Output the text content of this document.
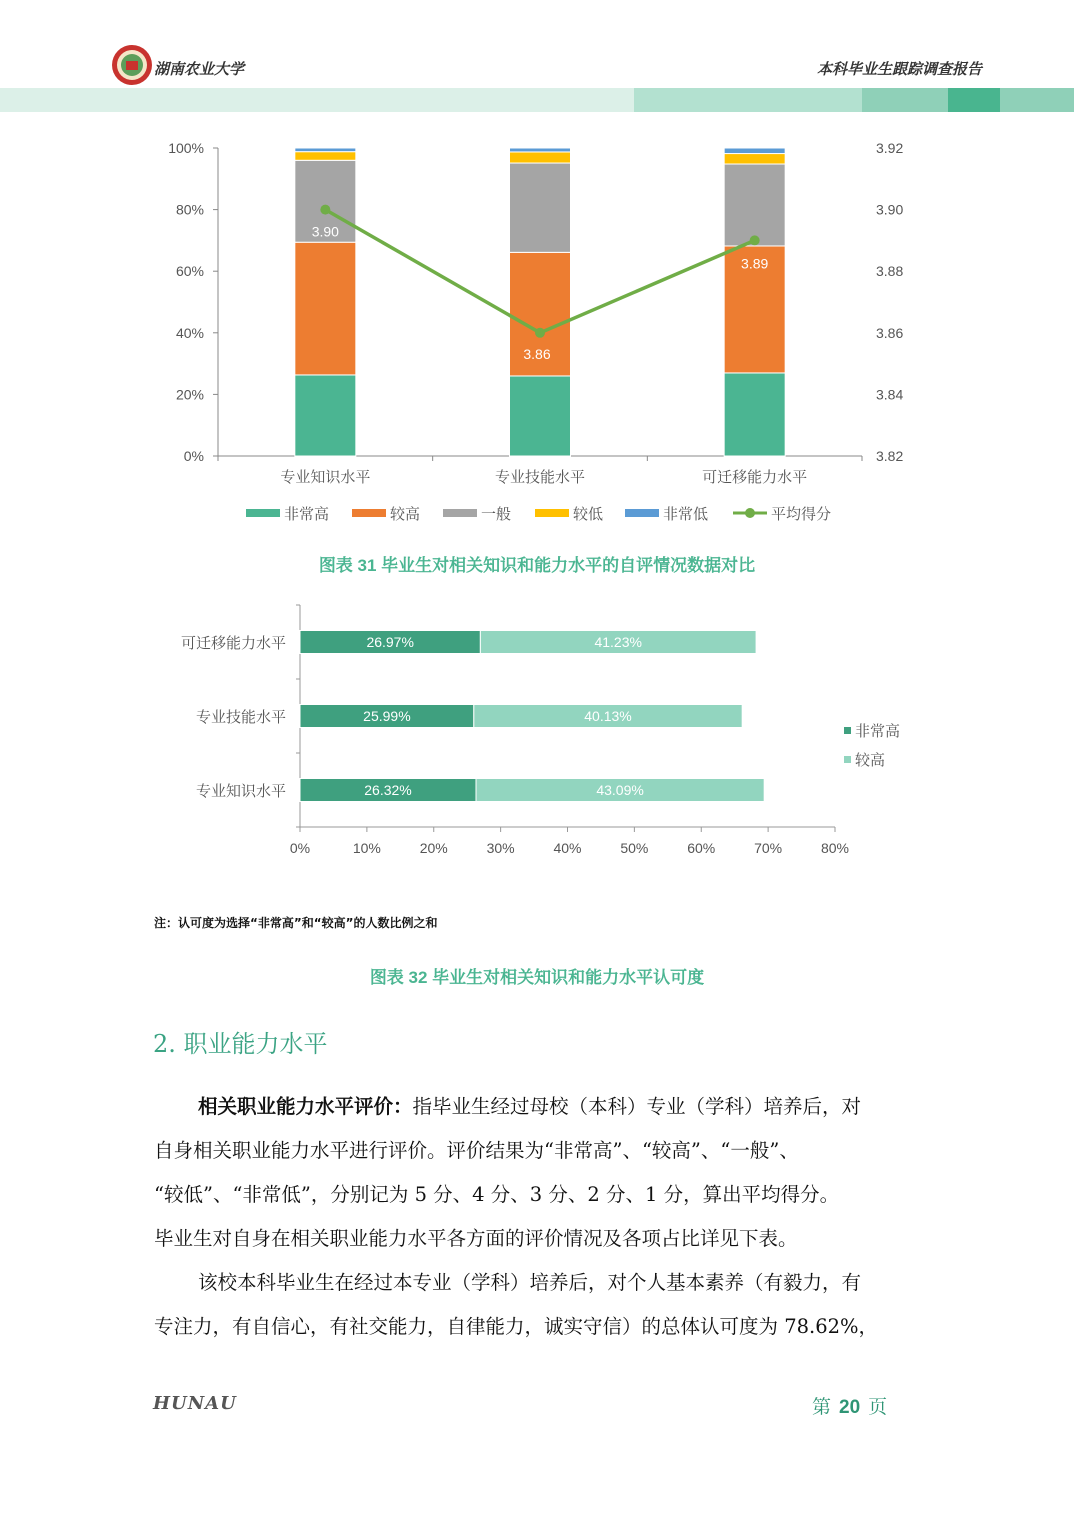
湖南农业大学	本科毕业生跟踪调查报告
0%
20%
40%
60%
80%
100%
3.82
3.84
3.86
3.88
3.90
3.92
专业知识水平	专业技能水平	可迁移能力水平
3.90
3.86
3.89
非常高	较高	一般	较低	非常低	平均得分
图表 31 毕业生对相关知识和能力水平的自评情况数据对比
0%	10%	20%	30%	40%	50%	60%	70%	80%
可迁移能力水平	26.97%	41.23%
专业技能水平	25.99%	40.13%
专业知识水平	26.32%	43.09%
非常高
较高
注：认可度为选择“非常高”和“较高”的人数比例之和
图表 32 毕业生对相关知识和能力水平认可度
2. 职业能力水平
相关职业能力水平评价：指毕业生经过母校（本科）专业（学科）培养后，对
自身相关职业能力水平进行评价。评价结果为“非常高”、“较高”、“一般”、
“较低”、“非常低”，分别记为 5 分、4 分、3 分、2 分、1 分，算出平均得分。
毕业生对自身在相关职业能力水平各方面的评价情况及各项占比详见下表。
该校本科毕业生在经过本专业（学科）培养后，对个人基本素养（有毅力，有
专注力，有自信心，有社交能力，自律能力，诚实守信）的总体认可度为 78.62%，
HUNAU	第 20 页
